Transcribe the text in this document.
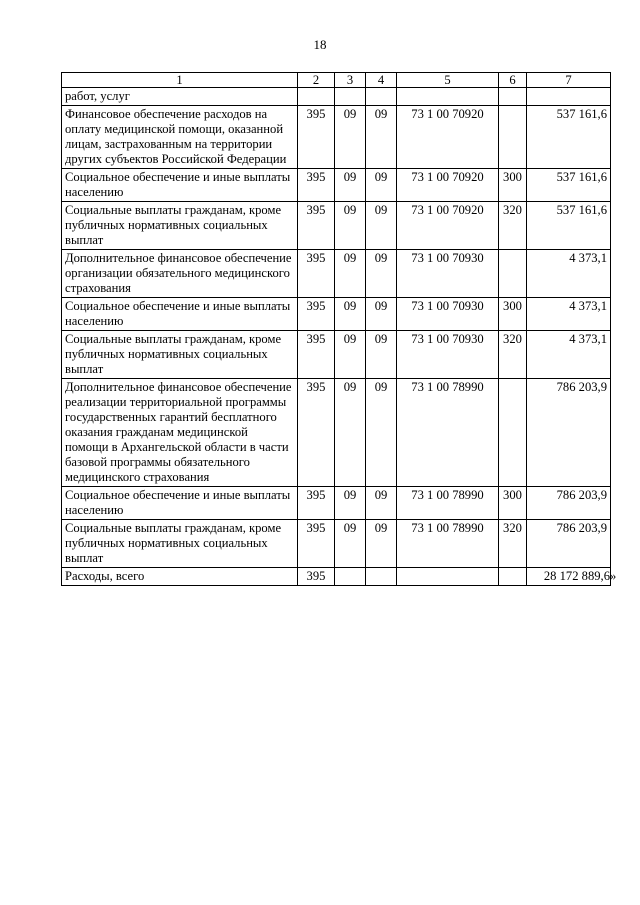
18
1	2	3	4	5	6	7
работ, услуг						
Финансовое обеспечение расходов на оплату медицинской помощи, оказанной лицам, застрахованным на территории других субъектов Российской Федерации	395	09	09	73 1 00 70920		537 161,6
Социальное обеспечение и иные выплаты населению	395	09	09	73 1 00 70920	300	537 161,6
Социальные выплаты гражданам, кроме публичных нормативных социальных выплат	395	09	09	73 1 00 70920	320	537 161,6
Дополнительное финансовое обеспечение организации обязательного медицинского страхования	395	09	09	73 1 00 70930		4 373,1
Социальное обеспечение и иные выплаты населению	395	09	09	73 1 00 70930	300	4 373,1
Социальные выплаты гражданам, кроме публичных нормативных социальных выплат	395	09	09	73 1 00 70930	320	4 373,1
Дополнительное финансовое обеспечение реализации территориальной программы государственных гарантий бесплатного оказания гражданам медицинской помощи в Архангельской области в части базовой программы обязательного медицинского страхования	395	09	09	73 1 00 78990		786 203,9
Социальное обеспечение и иные выплаты населению	395	09	09	73 1 00 78990	300	786 203,9
Социальные выплаты гражданам, кроме публичных нормативных социальных выплат	395	09	09	73 1 00 78990	320	786 203,9
Расходы, всего	395					28 172 889,6 »
